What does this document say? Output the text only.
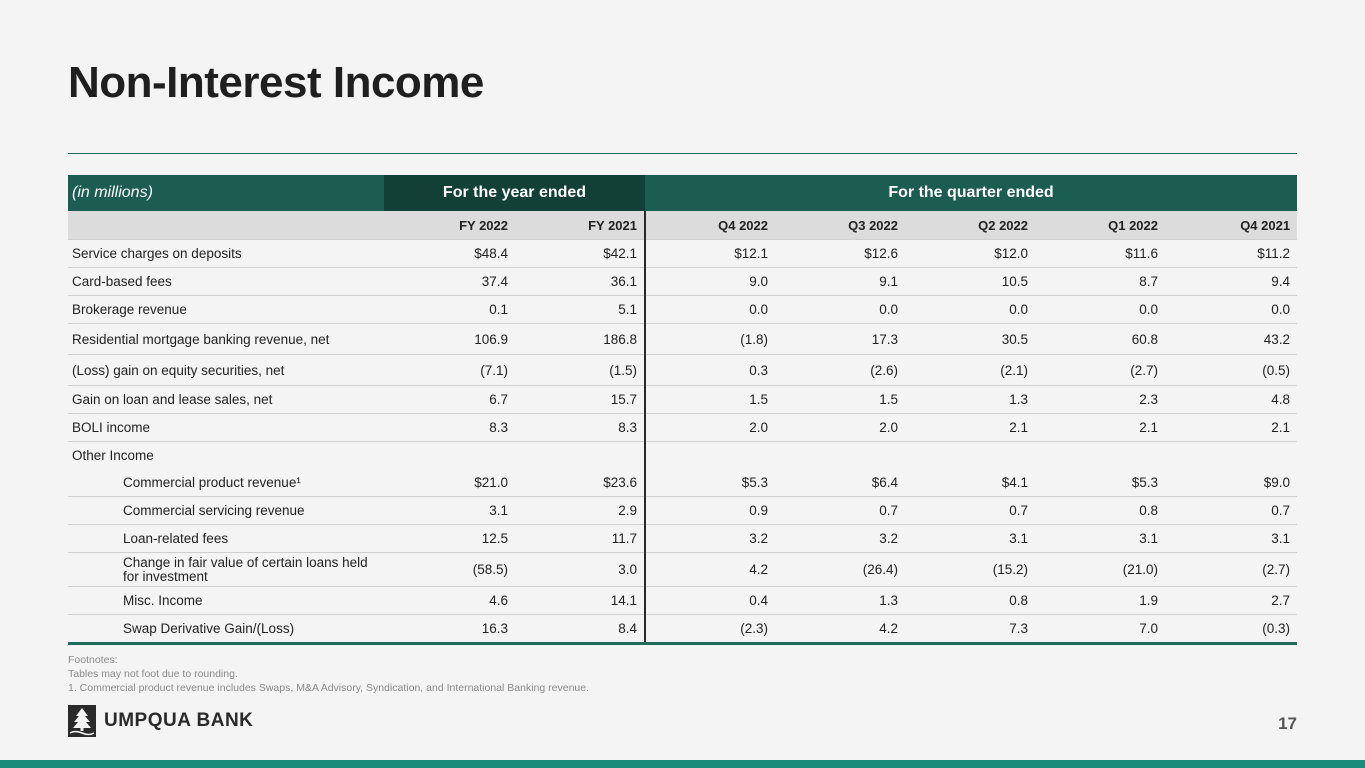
Non-Interest Income
(in millions)	For the year ended		For the quarter ended				
	FY 2022	FY 2021	Q4 2022	Q3 2022	Q2 2022	Q1 2022	Q4 2021
Service charges on deposits	$48.4	$42.1	$12.1	$12.6	$12.0	$11.6	$11.2
Card-based fees	37.4	36.1	9.0	9.1	10.5	8.7	9.4
Brokerage revenue	0.1	5.1	0.0	0.0	0.0	0.0	0.0
Residential mortgage banking revenue, net	106.9	186.8	(1.8)	17.3	30.5	60.8	43.2
(Loss) gain on equity securities, net	(7.1)	(1.5)	0.3	(2.6)	(2.1)	(2.7)	(0.5)
Gain on loan and lease sales, net	6.7	15.7	1.5	1.5	1.3	2.3	4.8
BOLI income	8.3	8.3	2.0	2.0	2.1	2.1	2.1
Other Income							
Commercial product revenue¹	$21.0	$23.6	$5.3	$6.4	$4.1	$5.3	$9.0
Commercial servicing revenue	3.1	2.9	0.9	0.7	0.7	0.8	0.7
Loan-related fees	12.5	11.7	3.2	3.2	3.1	3.1	3.1
Change in fair value of certain loans held for investment	(58.5)	3.0	4.2	(26.4)	(15.2)	(21.0)	(2.7)
Misc. Income	4.6	14.1	0.4	1.3	0.8	1.9	2.7
Swap Derivative Gain/(Loss)	16.3	8.4	(2.3)	4.2	7.3	7.0	(0.3)
Footnotes:
Tables may not foot due to rounding.
1. Commercial product revenue includes Swaps, M&A Advisory, Syndication, and International Banking revenue.
UMPQUA BANK	17
